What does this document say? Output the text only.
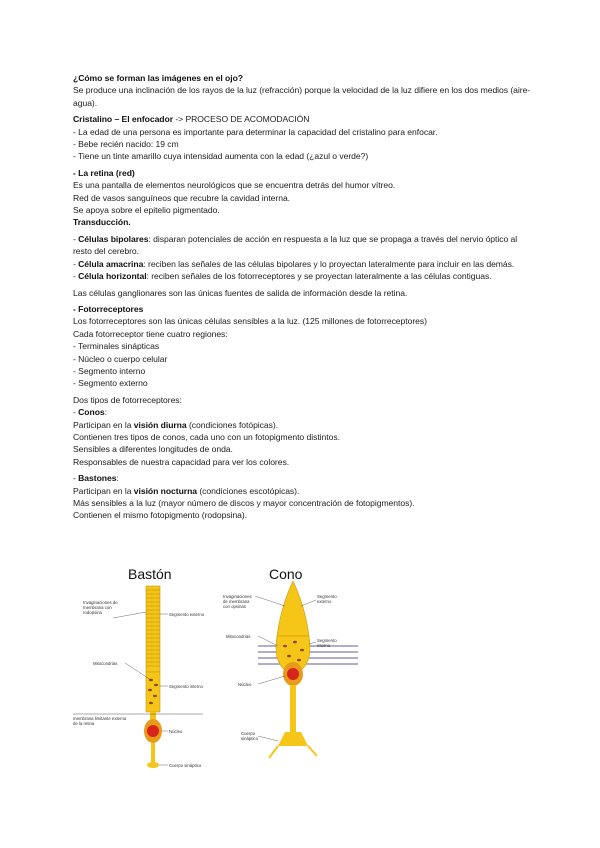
¿Cómo se forman las imágenes en el ojo?

Se produce una inclinación de los rayos de la luz (refracción) porque la velocidad de la luz difiere en los dos medios (aire-agua).

Cristalino – El enfocador -> PROCESO DE ACOMODACIÓN

- La edad de una persona es importante para determinar la capacidad del cristalino para enfocar.

- Bebe recién nacido: 19 cm

- Tiene un tinte amarillo cuya intensidad aumenta con la edad (¿azul o verde?)

- La retina (red)

Es una pantalla de elementos neurológicos que se encuentra detrás del humor vítreo.

Red de vasos sanguíneos que recubre la cavidad interna.

Se apoya sobre el epitelio pigmentado.

Transducción.

- Células bipolares: disparan potenciales de acción en respuesta a la luz que se propaga a través del nervio óptico al resto del cerebro.

- Célula amacrina: reciben las señales de las células bipolares y lo proyectan lateralmente para incluir en las demás.

- Célula horizontal: reciben señales de los fotorreceptores y se proyectan lateralmente a las células contiguas.

Las células ganglionares son las únicas fuentes de salida de información desde la retina.

- Fotorreceptores

Los fotorreceptores son las únicas células sensibles a la luz. (125 millones de fotorreceptores)

Cada fotorreceptor tiene cuatro regiones:

- Terminales sinápticas

- Núcleo o cuerpo celular

- Segmento interno

- Segmento externo

Dos tipos de fotorreceptores:

- Conos:

Participan en la visión diurna (condiciones fotópicas).

Contienen tres tipos de conos, cada uno con un fotopigmento distintos.

Sensibles a diferentes longitudes de onda.

Responsables de nuestra capacidad para ver los colores.

- Bastones:

Participan en la visión nocturna (condiciones escotópicas).

Más sensibles a la luz (mayor número de discos y mayor concentración de fotopigmentos).

Contienen el mismo fotopigmento (rodopsina).

Bastón	Cono
Invaginaciones de membrana con rodopsina	Segmento externo
Mitocondrias
Segmento interno
membrana limitante externa de la retina
Núcleo
Cuerpo sináptico
Invaginaciones de membrana con opsinas
Segmento externo
Mitocondrias
Segmento interno
Núcleo
Cuerpo sináptico
